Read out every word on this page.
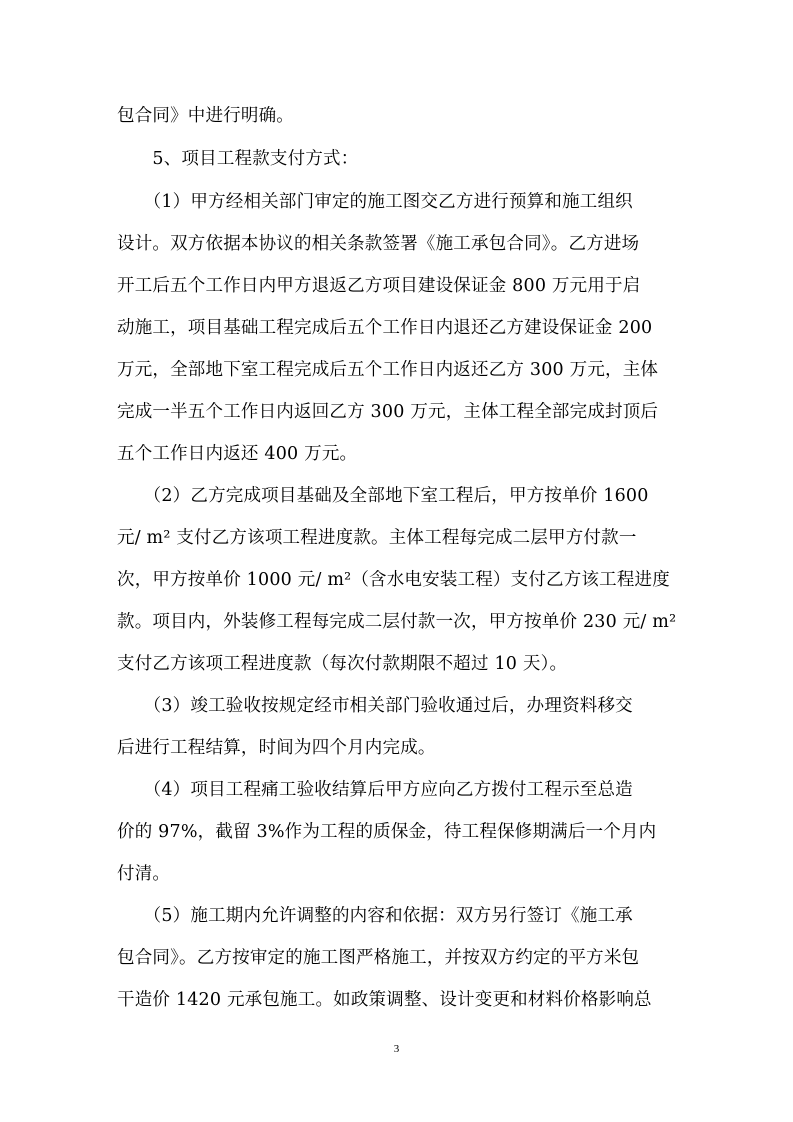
包合同》中进行明确。
　　5、项目工程款支付方式：
　　（1）甲方经相关部门审定的施工图交乙方进行预算和施工组织
设计。双方依据本协议的相关条款签署《施工承包合同》。乙方进场
开工后五个工作日内甲方退返乙方项目建设保证金 800 万元用于启
动施工，项目基础工程完成后五个工作日内退还乙方建设保证金 200
万元，全部地下室工程完成后五个工作日内返还乙方 300 万元，主体
完成一半五个工作日内返回乙方 300 万元，主体工程全部完成封顶后
五个工作日内返还 400 万元。
　　（2）乙方完成项目基础及全部地下室工程后，甲方按单价 1600
元/ m² 支付乙方该项工程进度款。主体工程每完成二层甲方付款一
次，甲方按单价 1000 元/ m²（含水电安装工程）支付乙方该工程进度
款。项目内，外装修工程每完成二层付款一次，甲方按单价 230 元/ m²
支付乙方该项工程进度款（每次付款期限不超过 10 天）。
　　（3）竣工验收按规定经市相关部门验收通过后，办理资料移交
后进行工程结算，时间为四个月内完成。
　　（4）项目工程痛工验收结算后甲方应向乙方拨付工程示至总造
价的 97%，截留 3%作为工程的质保金，待工程保修期满后一个月内
付清。
　　（5）施工期内允许调整的内容和依据：双方另行签订《施工承
包合同》。乙方按审定的施工图严格施工，并按双方约定的平方米包
干造价 1420 元承包施工。如政策调整、设计变更和材料价格影响总
3
